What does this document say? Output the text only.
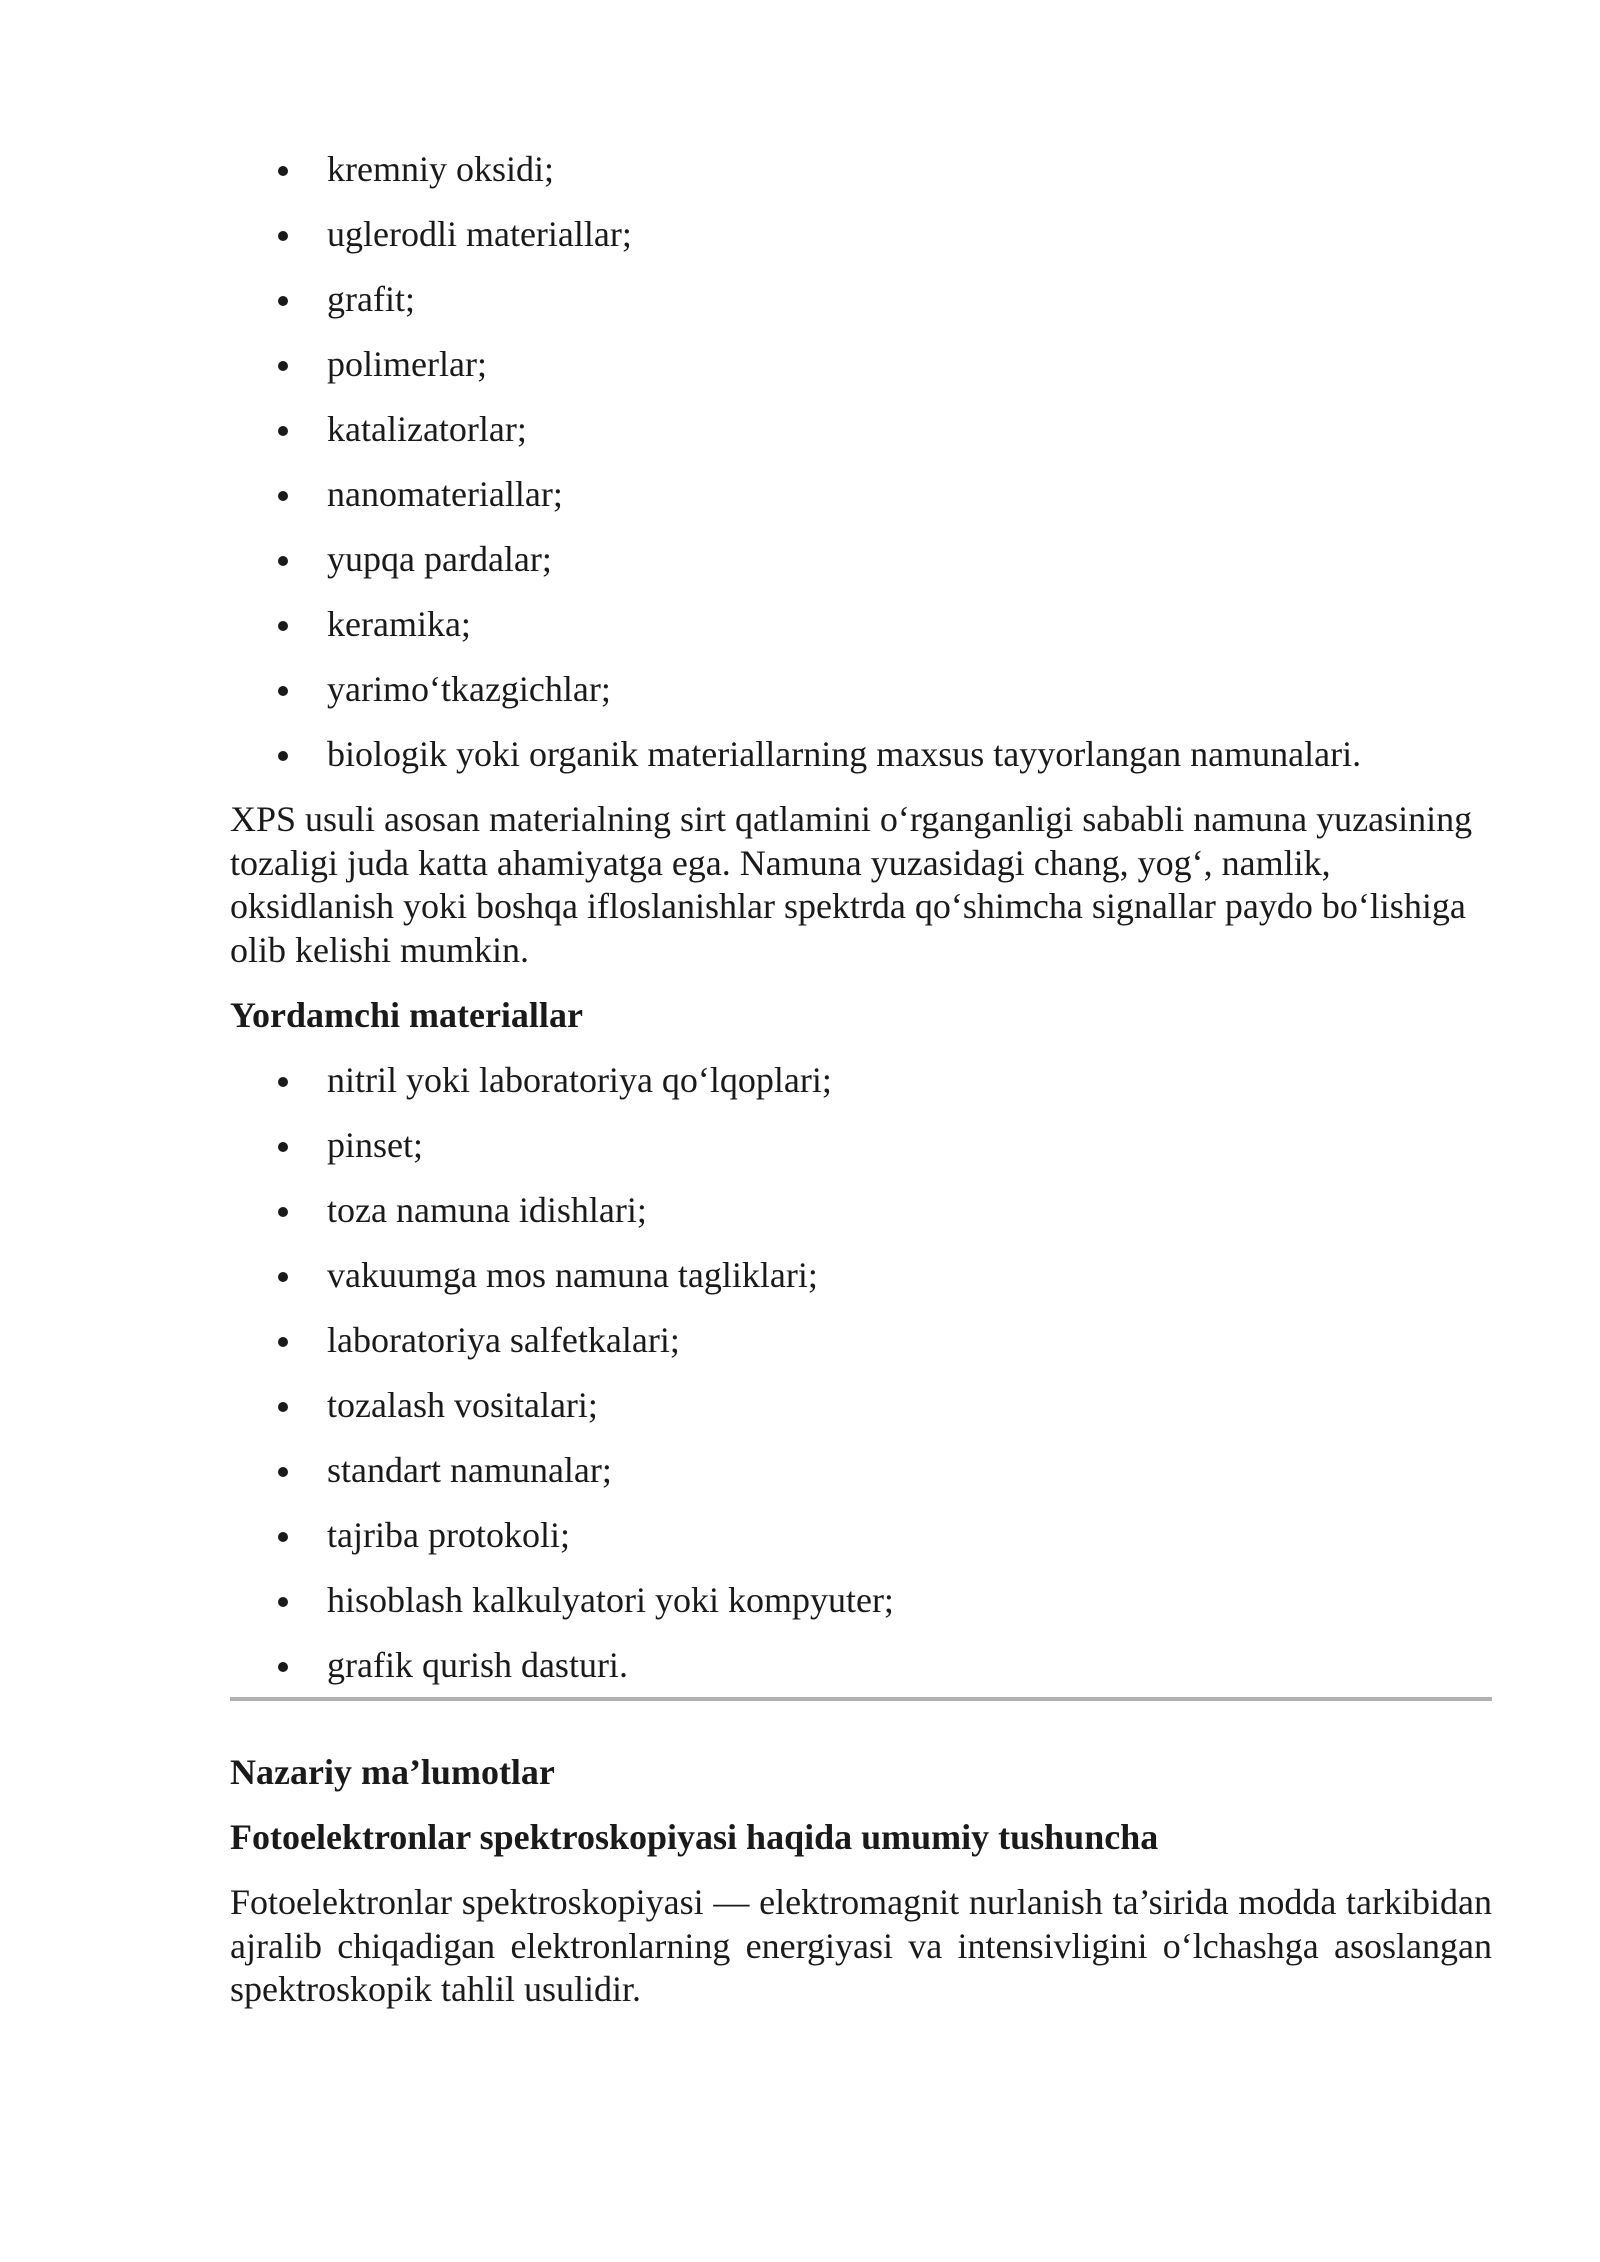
kremniy oksidi;
uglerodli materiallar;
grafit;
polimerlar;
katalizatorlar;
nanomateriallar;
yupqa pardalar;
keramika;
yarimo‘tkazgichlar;
biologik yoki organik materiallarning maxsus tayyorlangan namunalari.

XPS usuli asosan materialning sirt qatlamini o‘rganganligi sababli namuna yuzasining tozaligi juda katta ahamiyatga ega. Namuna yuzasidagi chang, yog‘, namlik, oksidlanish yoki boshqa ifloslanishlar spektrda qo‘shimcha signallar paydo bo‘lishiga olib kelishi mumkin.

Yordamchi materiallar
nitril yoki laboratoriya qo‘lqoplari;
pinset;
toza namuna idishlari;
vakuumga mos namuna tagliklari;
laboratoriya salfetkalari;
tozalash vositalari;
standart namunalar;
tajriba protokoli;
hisoblash kalkulyatori yoki kompyuter;
grafik qurish dasturi.
Nazariy ma’lumotlar
Fotoelektronlar spektroskopiyasi haqida umumiy tushuncha

Fotoelektronlar spektroskopiyasi — elektromagnit nurlanish ta’sirida modda tarkibidan ajralib chiqadigan elektronlarning energiyasi va intensivligini o‘lchashga asoslangan spektroskopik tahlil usulidir.
